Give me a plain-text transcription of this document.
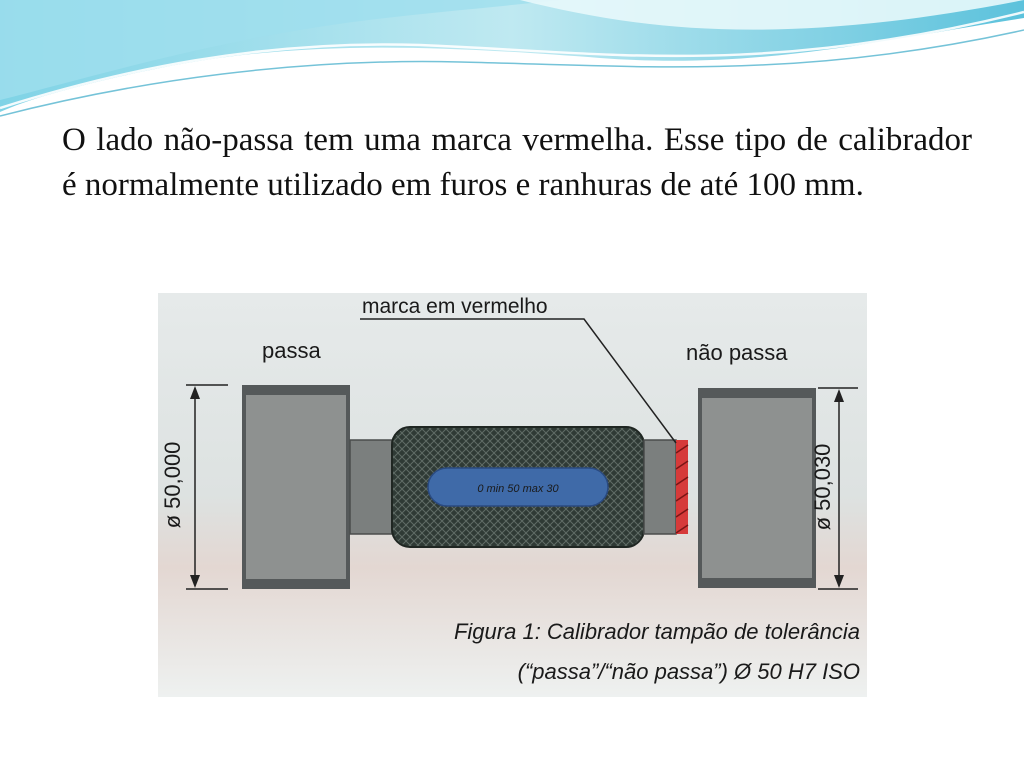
O lado não-passa tem uma marca vermelha. Esse tipo de calibrador é normalmente utilizado em furos e ranhuras de até 100 mm.

ø 50,000	0 min 50 max 30	ø 50,030
marca em vermelho
passa	não passa
Figura 1: Calibrador tampão de tolerância
(“passa”/“não passa”) Ø 50 H7 ISO
